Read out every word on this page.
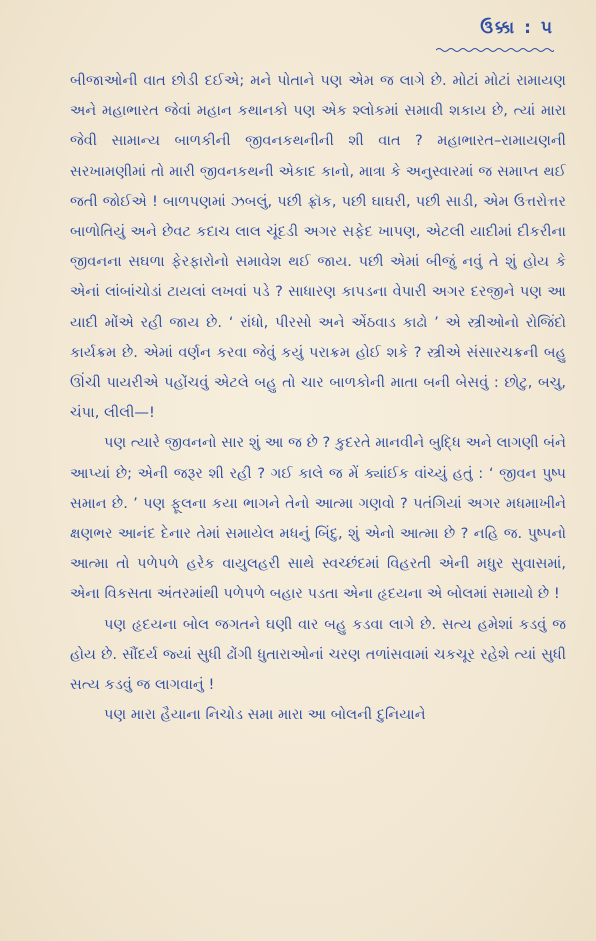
ઉક્કા : ૫

બીજાઓની વાત છોડી દઈએ; મને પોતાને પણ એમ જ લાગે છે. મોટાં મોટાં રામાયણ અને મહાભારત જેવાં મહાન કથાનકો પણ એક શ્લોકમાં સમાવી શકાય છે, ત્યાં મારા જેવી સામાન્ય બાળકીની જીવનકથનીની શી વાત ? મહાભારત–રામાયણની સરખામણીમાં તો મારી જીવનકથની એકાદ કાનો, માત્રા કે અનુસ્વારમાં જ સમાપ્ત થઈ જતી જોઈએ ! બાળપણમાં ઝબલું, પછી ફ્રૉક, પછી ઘાઘરી, પછી સાડી, એમ ઉત્તરોત્તર બાળોતિયું અને છેવટ કદાચ લાલ ચૂંદડી અગર સફેદ ખાપણ, એટલી યાદીમાં દીકરીના જીવનના સઘળા ફેરફારોનો સમાવેશ થઈ જાય. પછી એમાં બીજું નવું તે શું હોય કે એનાં લાંબાંચોડાં ટાયલાં લખવાં પડે ? સાધારણ કાપડના વેપારી અગર દરજીને પણ આ યાદી મોંએ રહી જાય છે. ‘ રાંધો, પીરસો અને એંઠવાડ કાઢો ’ એ સ્ત્રીઓનો રોજિંદો કાર્યક્રમ છે. એમાં વર્ણન કરવા જેવું કયું પરાક્રમ હોઈ શકે ? સ્ત્રીએ સંસારચક્રની બહુ ઊંચી પાયરીએ પહોંચવું એટલે બહુ તો ચાર બાળકોની માતા બની બેસવું : છોટુ, બચુ, ચંપા, લીલી—!

પણ ત્યારે જીવનનો સાર શું આ જ છે ? કુદરતે માનવીને બુદ્ધિ અને લાગણી બંને આપ્યાં છે; એની જરૂર શી રહી ? ગઈ કાલે જ મેં ક્યાંઈક વાંચ્યું હતું : ‘ જીવન પુષ્પ સમાન છે. ’ પણ ફૂલના કયા ભાગને તેનો આત્મા ગણવો ? પતંગિયાં અગર મધમાખીને ક્ષણભર આનંદ દેનાર તેમાં સમાયેલ મધનું બિંદુ, શું એનો આત્મા છે ? નહિ જ. પુષ્પનો આત્મા તો પળેપળે હરેક વાયુલહરી સાથે સ્વચ્છંદમાં વિહરતી એની મધુર સુવાસમાં, એના વિકસતા અંતરમાંથી પળેપળે બહાર પડતા એના હૃદયના એ બોલમાં સમાયો છે !

પણ હૃદયના બોલ જગતને ઘણી વાર બહુ કડવા લાગે છે. સત્ય હમેશાં કડવું જ હોય છે. સૌંદર્ય જ્યાં સુધી ઢોંગી ધુતારાઓનાં ચરણ તળાંસવામાં ચકચૂર રહેશે ત્યાં સુધી સત્ય કડવું જ લાગવાનું !

પણ મારા હૈયાના નિચોડ સમા મારા આ બોલની દુનિયાને
